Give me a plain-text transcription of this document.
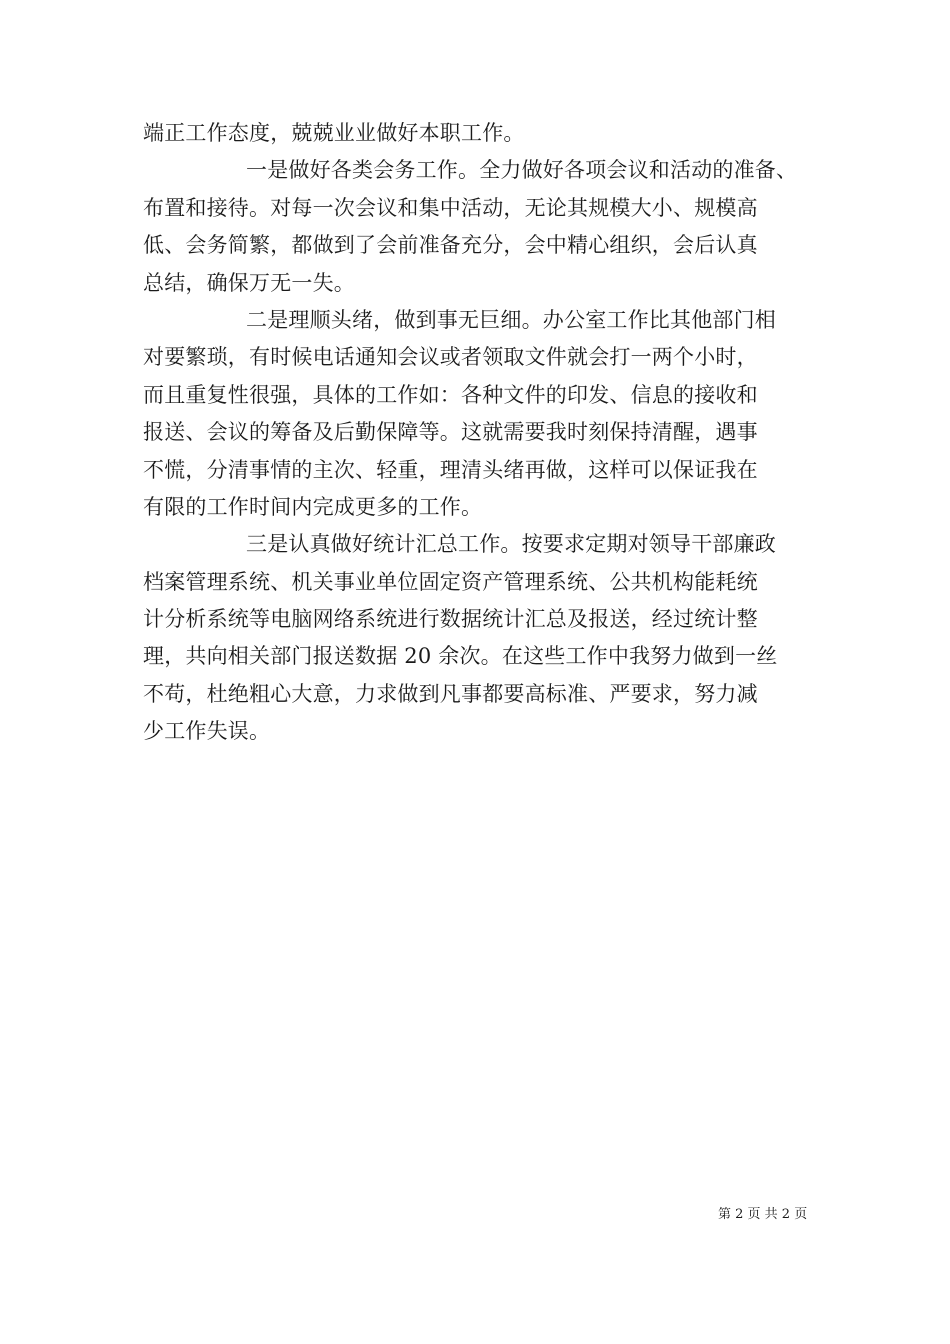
端正工作态度，兢兢业业做好本职工作。
一是做好各类会务工作。全力做好各项会议和活动的准备、
布置和接待。对每一次会议和集中活动，无论其规模大小、规模高
低、会务简繁，都做到了会前准备充分，会中精心组织，会后认真
总结，确保万无一失。
二是理顺头绪，做到事无巨细。办公室工作比其他部门相
对要繁琐，有时候电话通知会议或者领取文件就会打一两个小时，
而且重复性很强，具体的工作如：各种文件的印发、信息的接收和
报送、会议的筹备及后勤保障等。这就需要我时刻保持清醒，遇事
不慌，分清事情的主次、轻重，理清头绪再做，这样可以保证我在
有限的工作时间内完成更多的工作。
三是认真做好统计汇总工作。按要求定期对领导干部廉政
档案管理系统、机关事业单位固定资产管理系统、公共机构能耗统
计分析系统等电脑网络系统进行数据统计汇总及报送，经过统计整
理，共向相关部门报送数据 20 余次。在这些工作中我努力做到一丝
不苟，杜绝粗心大意，力求做到凡事都要高标准、严要求，努力减
少工作失误。
第 2 页 共 2 页
